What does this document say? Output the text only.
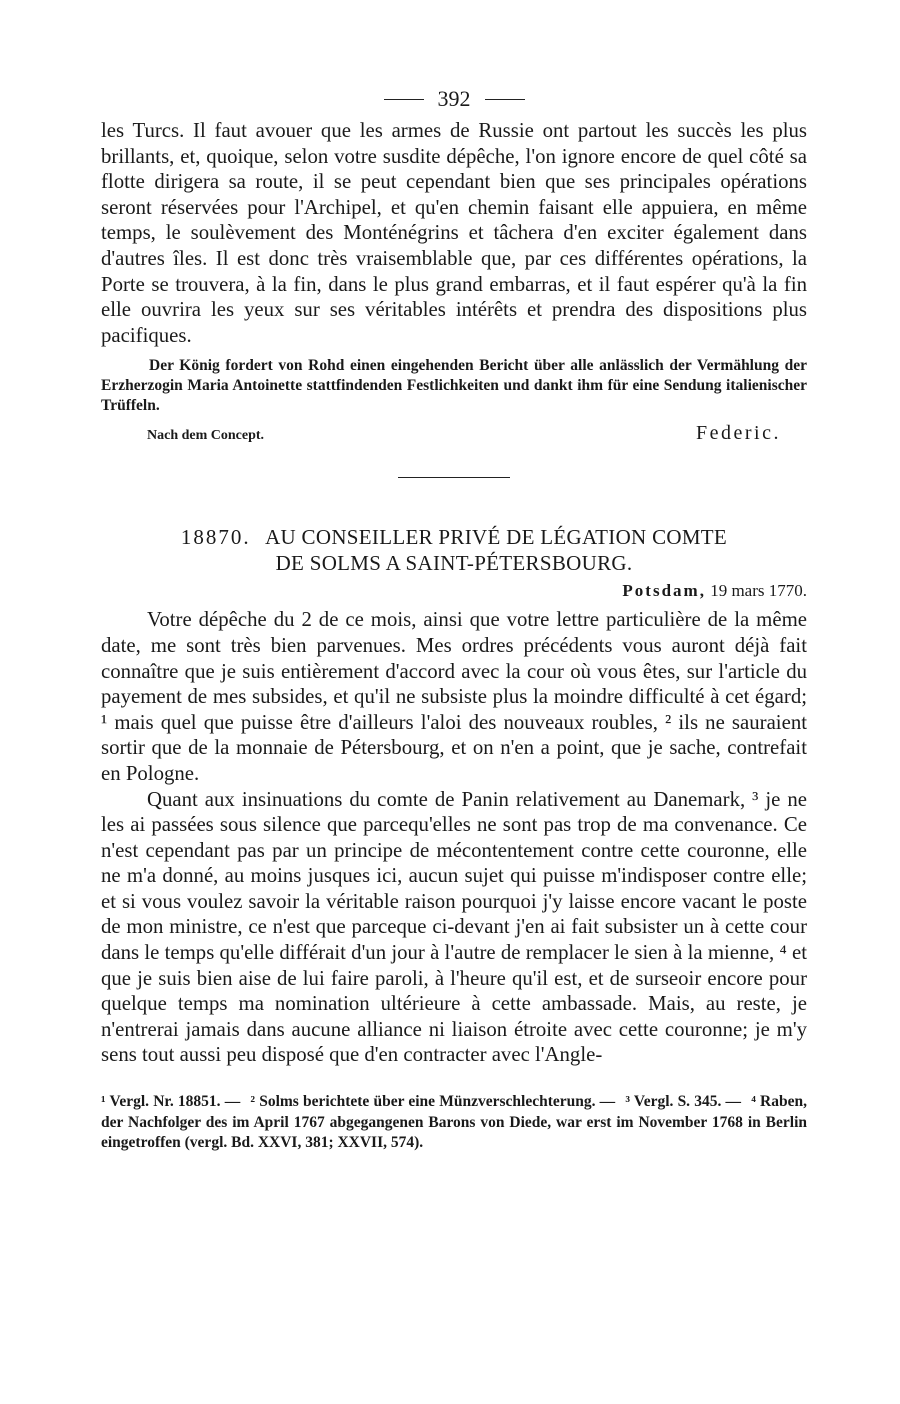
392

les Turcs. Il faut avouer que les armes de Russie ont partout les succès les plus brillants, et, quoique, selon votre susdite dépêche, l'on ignore encore de quel côté sa flotte dirigera sa route, il se peut cependant bien que ses principales opérations seront réservées pour l'Archipel, et qu'en chemin faisant elle appuiera, en même temps, le soulèvement des Monténégrins et tâchera d'en exciter également dans d'autres îles. Il est donc très vraisemblable que, par ces différentes opérations, la Porte se trouvera, à la fin, dans le plus grand embarras, et il faut espérer qu'à la fin elle ouvrira les yeux sur ses véritables intérêts et prendra des dispositions plus pacifiques.

Der König fordert von Rohd einen eingehenden Bericht über alle anlässlich der Vermählung der Erzherzogin Maria Antoinette stattfindenden Festlichkeiten und dankt ihm für eine Sendung italienischer Trüffeln.

Nach dem Concept.	Federic.
18870. AU CONSEILLER PRIVÉ DE LÉGATION COMTE
DE SOLMS A SAINT-PÉTERSBOURG.
Potsdam, 19 mars 1770.

Votre dépêche du 2 de ce mois, ainsi que votre lettre particulière de la même date, me sont très bien parvenues. Mes ordres précédents vous auront déjà fait connaître que je suis entièrement d'accord avec la cour où vous êtes, sur l'article du payement de mes subsides, et qu'il ne subsiste plus la moindre difficulté à cet égard; ¹ mais quel que puisse être d'ailleurs l'aloi des nouveaux roubles, ² ils ne sauraient sortir que de la monnaie de Pétersbourg, et on n'en a point, que je sache, contrefait en Pologne.

Quant aux insinuations du comte de Panin relativement au Danemark, ³ je ne les ai passées sous silence que parcequ'elles ne sont pas trop de ma convenance. Ce n'est cependant pas par un principe de mécontentement contre cette couronne, elle ne m'a donné, au moins jusques ici, aucun sujet qui puisse m'indisposer contre elle; et si vous voulez savoir la véritable raison pourquoi j'y laisse encore vacant le poste de mon ministre, ce n'est que parceque ci-devant j'en ai fait subsister un à cette cour dans le temps qu'elle différait d'un jour à l'autre de remplacer le sien à la mienne, ⁴ et que je suis bien aise de lui faire paroli, à l'heure qu'il est, et de surseoir encore pour quelque temps ma nomination ultérieure à cette ambassade. Mais, au reste, je n'entrerai jamais dans aucune alliance ni liaison étroite avec cette couronne; je m'y sens tout aussi peu disposé que d'en contracter avec l'Angle-

¹ Vergl. Nr. 18851. — ² Solms berichtete über eine Münzverschlechterung. — ³ Vergl. S. 345. — ⁴ Raben, der Nachfolger des im April 1767 abgegangenen Barons von Diede, war erst im November 1768 in Berlin eingetroffen (vergl. Bd. XXVI, 381; XXVII, 574).
